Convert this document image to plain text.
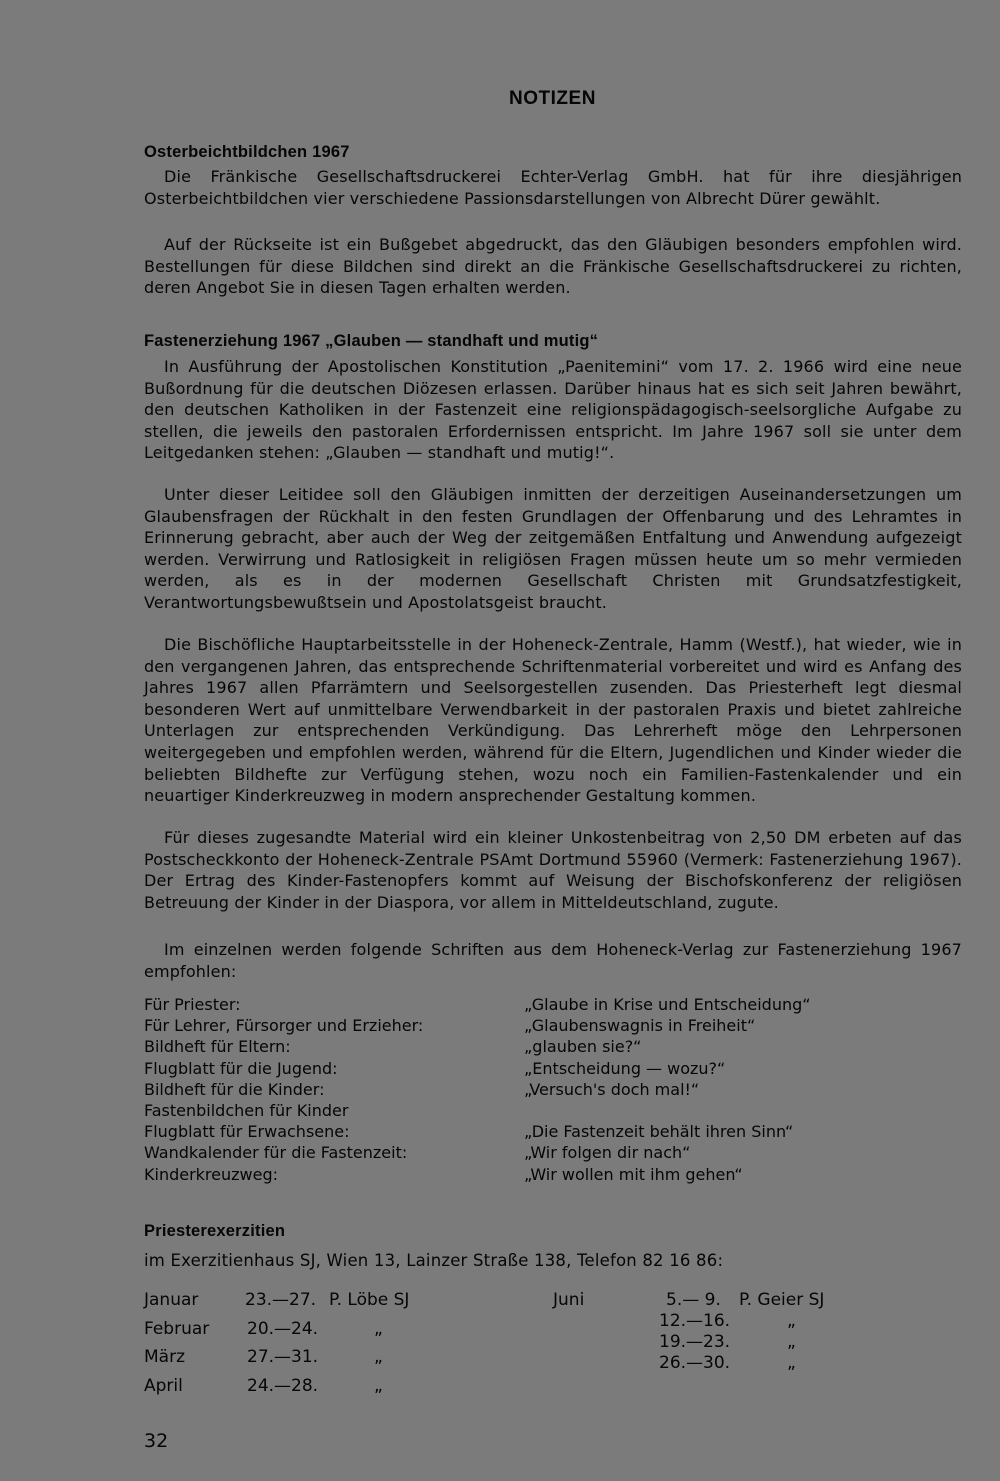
NOTIZEN
Osterbeichtbildchen 1967
Die Fränkische Gesellschaftsdruckerei Echter-Verlag GmbH. hat für ihre diesjährigen Osterbeichtbildchen vier verschiedene Passionsdarstellungen von Albrecht Dürer gewählt.
Auf der Rückseite ist ein Bußgebet abgedruckt, das den Gläubigen besonders empfohlen wird. Bestellungen für diese Bildchen sind direkt an die Fränkische Gesellschaftsdruckerei zu richten, deren Angebot Sie in diesen Tagen erhalten werden.
Fastenerziehung 1967 „Glauben — standhaft und mutig“
In Ausführung der Apostolischen Konstitution „Paenitemini“ vom 17. 2. 1966 wird eine neue Bußordnung für die deutschen Diözesen erlassen. Darüber hinaus hat es sich seit Jahren bewährt, den deutschen Katholiken in der Fastenzeit eine religionspädagogisch-seelsorgliche Aufgabe zu stellen, die jeweils den pastoralen Erfordernissen entspricht. Im Jahre 1967 soll sie unter dem Leitgedanken stehen: „Glauben — standhaft und mutig!“.
Unter dieser Leitidee soll den Gläubigen inmitten der derzeitigen Auseinandersetzungen um Glaubensfragen der Rückhalt in den festen Grundlagen der Offenbarung und des Lehramtes in Erinnerung gebracht, aber auch der Weg der zeitgemäßen Entfaltung und Anwendung aufgezeigt werden. Verwirrung und Ratlosigkeit in religiösen Fragen müssen heute um so mehr vermieden werden, als es in der modernen Gesellschaft Christen mit Grundsatzfestigkeit, Verantwortungsbewußtsein und Apostolatsgeist braucht.
Die Bischöfliche Hauptarbeitsstelle in der Hoheneck-Zentrale, Hamm (Westf.), hat wieder, wie in den vergangenen Jahren, das entsprechende Schriftenmaterial vorbereitet und wird es Anfang des Jahres 1967 allen Pfarrämtern und Seelsorgestellen zusenden. Das Priesterheft legt diesmal besonderen Wert auf unmittelbare Verwendbarkeit in der pastoralen Praxis und bietet zahlreiche Unterlagen zur entsprechenden Verkündigung. Das Lehrerheft möge den Lehrpersonen weitergegeben und empfohlen werden, während für die Eltern, Jugendlichen und Kinder wieder die beliebten Bildhefte zur Verfügung stehen, wozu noch ein Familien-Fastenkalender und ein neuartiger Kinderkreuzweg in modern ansprechender Gestaltung kommen.
Für dieses zugesandte Material wird ein kleiner Unkostenbeitrag von 2,50 DM erbeten auf das Postscheckkonto der Hoheneck-Zentrale PSAmt Dortmund 55960 (Vermerk: Fastenerziehung 1967). Der Ertrag des Kinder-Fastenopfers kommt auf Weisung der Bischofskonferenz der religiösen Betreuung der Kinder in der Diaspora, vor allem in Mitteldeutschland, zugute.
Im einzelnen werden folgende Schriften aus dem Hoheneck-Verlag zur Fastenerziehung 1967 empfohlen:
Für Priester:	„Glaube in Krise und Entscheidung“
Für Lehrer, Fürsorger und Erzieher:	„Glaubenswagnis in Freiheit“
Bildheft für Eltern:	„glauben sie?“
Flugblatt für die Jugend:	„Entscheidung — wozu?“
Bildheft für die Kinder:	„Versuch's doch mal!“
Fastenbildchen für Kinder
Flugblatt für Erwachsene:	„Die Fastenzeit behält ihren Sinn“
Wandkalender für die Fastenzeit:	„Wir folgen dir nach“
Kinderkreuzweg:	„Wir wollen mit ihm gehen“
Priesterexerzitien
im Exerzitienhaus SJ, Wien 13, Lainzer Straße 138, Telefon 82 16 86:
Januar	23.—27. P. Löbe SJ
Februar 20.—24.	„
März	27.—31.	„
April	24.—28.	„
Juni	5.— 9. P. Geier SJ
12.—16.	„
19.—23.	„
26.—30.	„
32
